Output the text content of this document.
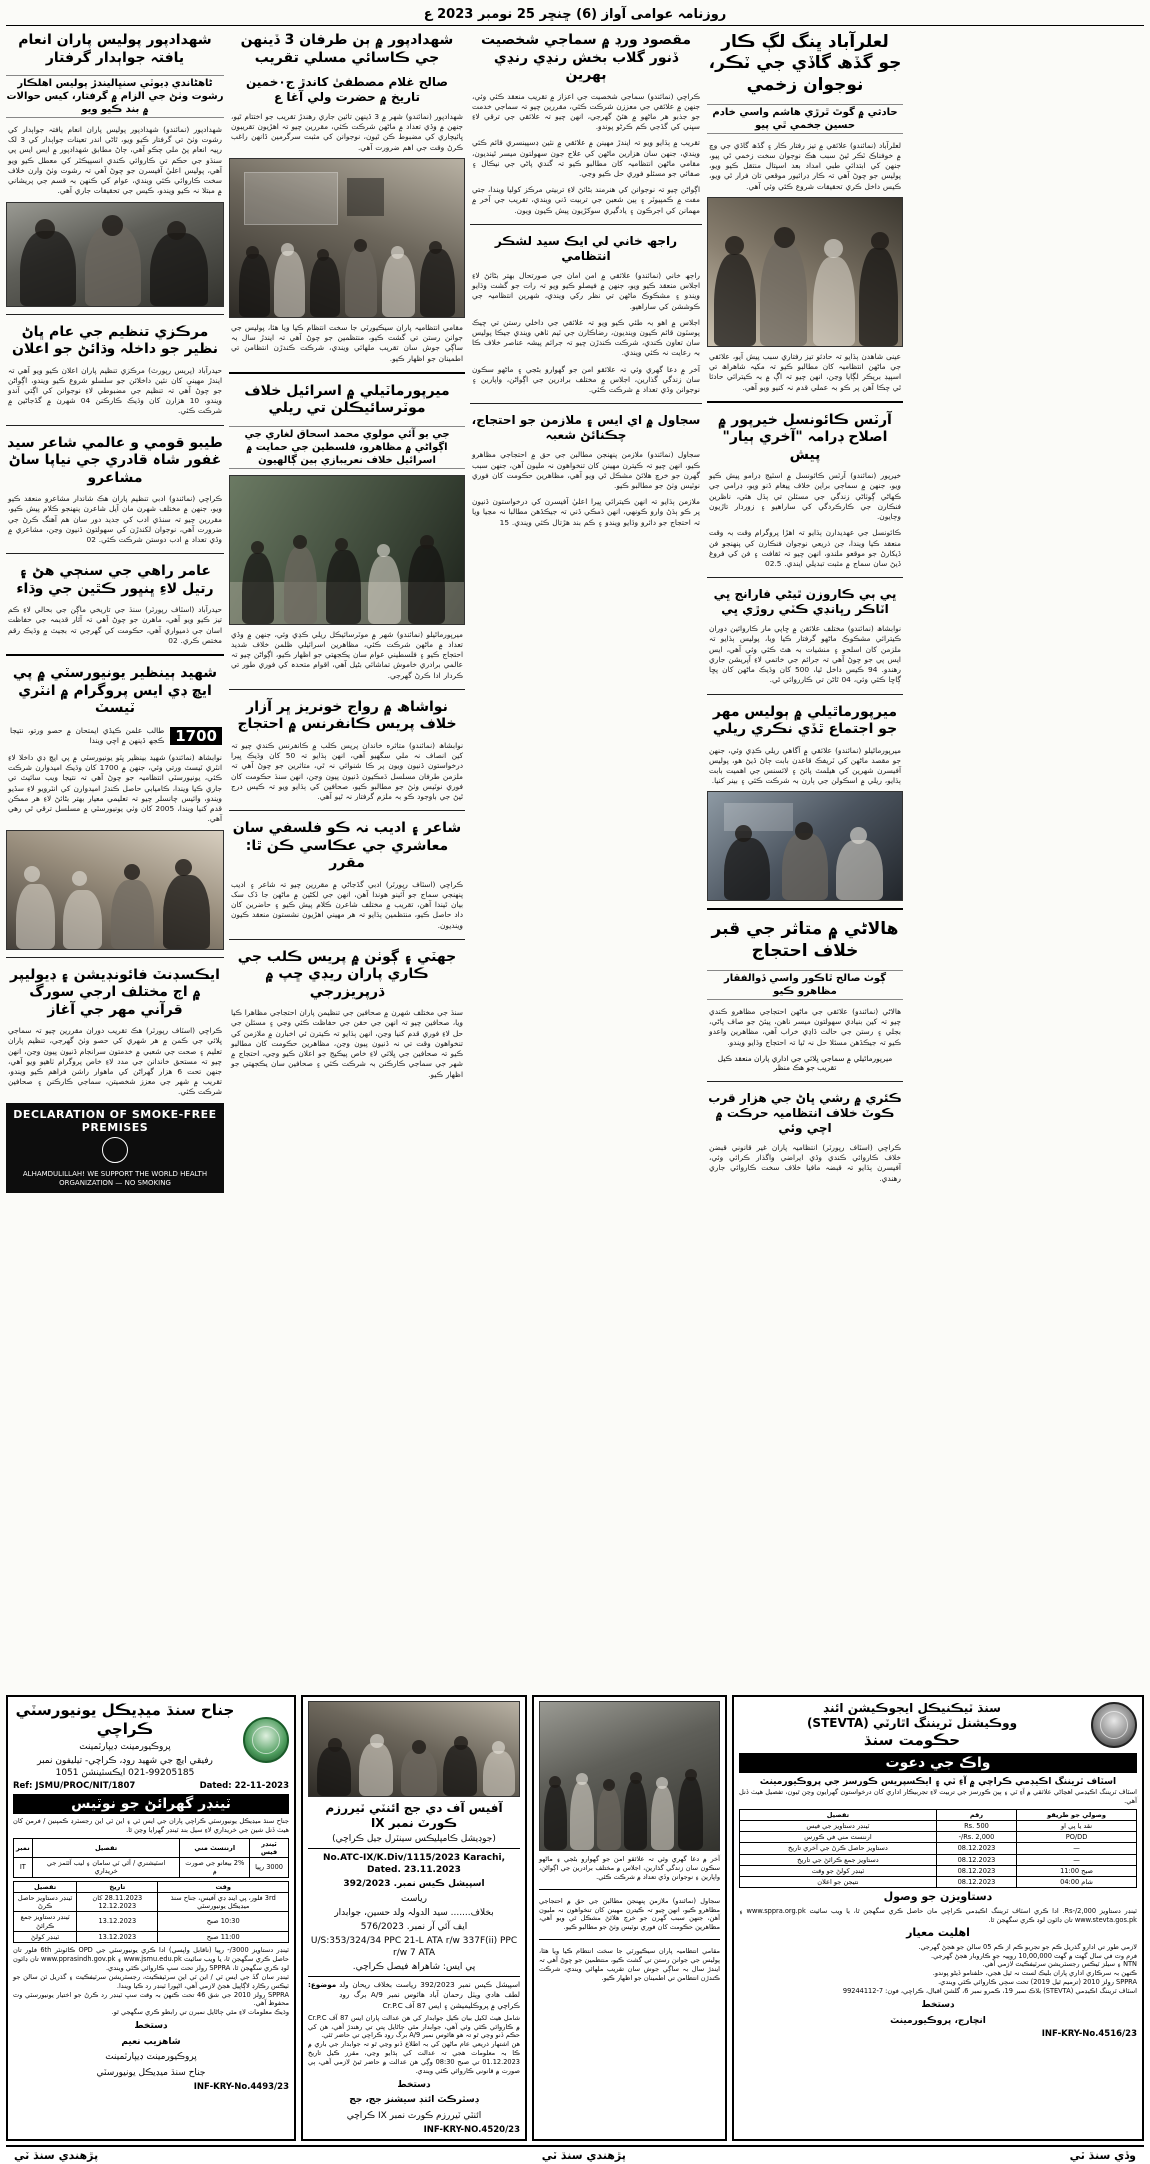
روزنامہ عوامی آواز (6) ڇنڇر 25 نومبر 2023 ع
شھدادپور پولیس پاران انعام یافتہ جواٻدار گرفتار
ٹاھڻاندي ڊيوٽي سنڀاليندڙ پوليس اھلڪار رشوت وٺڻ جي الزام ۾ گرفتار، کيس حوالات ۾ بند ڪيو ويو
شھدادپور (نمائندو) شھدادپور پوليس پاران انعام یافتہ جواٻدار کي رشوت وٺڻ تي گرفتار ڪيو ويو، ٿاڻي اندر تعینات جواٻدار کي 3 لک رپیہ انعام پڻ ملي چڪو آھي، ڄاڻ مطابق شھدادپور ۾ ايس ايس پي سنڌو جي حڪم تي ڪاروائي ڪندي انسپيڪٽر کي معطل ڪيو ويو آھي، پوليس اعليٰ آفيسرن جو چوڻ آھي تہ رشوت وٺڻ وارن خلاف سخت ڪاروائي ڪئي ويندي، عوام کي ڪنھن بہ قسم جي پريشاني ۾ مبتلا نہ ڪيو ويندو، ڪيس جي تحقيقات جاري آھي.
مرڪزي تنظيم جي عام ڀاڻ نظیر جو داخلہ وڌائڻ جو اعلان
حيدرآباد (پريس رپورٽ) مرڪزي تنظيم پاران اعلان ڪيو ويو آھي تہ ايندڙ مھيني کان نئين داخلائن جو سلسلو شروع ڪيو ويندو، اڳواڻن جو چوڻ آھي تہ تنظيم جي مضبوطي لاءِ نوجوانن کي اڳتي آندو ويندو، 10 ھزارن کان وڌيڪ ڪارڪنن 04 شھرن ۾ گڏجاڻين ۾ شرڪت ڪئي.
طيبو قومي و عالمي شاعر سيد غفور شاہ قادري جي نياپا ساڻ مشاعرو
ڪراچي (نمائندو) ادبي تنظيم پاران ھڪ شاندار مشاعرو منعقد ڪيو ويو، جنھن ۾ مختلف شھرن مان آيل شاعرن پنھنجو ڪلام پيش ڪيو، مقررين چيو تہ سنڌي ادب کي جديد دور سان ھم آھنگ ڪرڻ جي ضرورت آھي، نوجوان لکندڙن کي سھولتون ڏنيون وڃن، مشاعري ۾ وڏي تعداد ۾ ادب دوستن شرڪت ڪئي. 02
عامر راھي جي سنڄي ھڻ ۽ رتيل لاءِ ڀنڀور ڪٿين جي وڌاء
حيدرآباد (اسٽاف رپورٽر) سنڌ جي تاريخي ماڳن جي بحالي لاءِ ڪم تيز ڪيو ويو آھي، ماھرن جو چوڻ آھي تہ آثار قديمہ جي حفاظت اسان جي ذميواري آھي، حڪومت کي گھرجي تہ بجيٽ ۾ وڌيڪ رقم مختص ڪري. 02
شھید ٻينظير يونيورسٽي ۾ پي ايڇ ڊي ايس پروگرام ۾ انٽري ٽيسٽ
1700
طالب علمن ڪيڏي ايمتحان ۾ حصو ورتو، نتيجا ڪجھ ڏينھن ۾ اچي ويندا
نوابشاھ (نمائندو) شھيد بينظير ڀٽو يونيورسٽي ۾ پي ايڇ ڊي داخلا لاءِ انٽري ٽيسٽ ورتي وئي، جنھن ۾ 1700 کان وڌيڪ اميدوارن شرڪت ڪئي، يونيورسٽي انتظاميہ جو چوڻ آھي تہ نتيجا ويب سائيٽ تي جاري ڪيا ويندا، ڪاميابي حاصل ڪندڙ اميدوارن کي انٽرويو لاءِ سڏيو ويندو، وائيس چانسلر چيو تہ تعليمي معيار بھتر بڻائڻ لاءِ ھر ممڪن قدم کنيا ويندا، 2005 کان وٺي يونيورسٽي ۾ مسلسل ترقي ٿي رھي آھي.
ايڪسڊنٽ فائونڊيشن ۽ ڊيوليپر ۾ اڄ مختلف ارجي سورگ قرآني مھر جي آغاز
ڪراچي (اسٽاف رپورٽر) ھڪ تقريب دوران مقررين چيو تہ سماجي ڀلائي جي ڪمن ۾ ھر شھري کي حصو وٺڻ گھرجي، تنظيم پاران تعليم ۽ صحت جي شعبي ۾ خدمتون سرانجام ڏنيون پيون وڃن، انھن چيو تہ مستحق خاندانن جي مدد لاءِ خاص پروگرام ٺاھيو ويو آھي، جنھن تحت 6 ھزار گھراڻن کي ماھوار راشن فراھم ڪيو ويندو، تقريب ۾ شھر جي معزز شخصيتن، سماجي ڪارڪنن ۽ صحافين شرڪت ڪئي.
DECLARATION OF SMOKE-FREE PREMISES
ALHAMDULILLAH! WE SUPPORT THE WORLD HEALTH ORGANIZATION — NO SMOKING
شھدادپور ۾ ٻن طرفان 3 ڏينھن جي ڪاسائي مسلي تقریب
صالح غلام مصطفیٰ کاندڙ ج٠خمين تاريخ ۾ حضرت ولي آغا ع
شھدادپور (نمائندو) شھر ۾ 3 ڏينھن تائين جاري رھندڙ تقريب جو اختتام ٿيو، جنھن ۾ وڏي تعداد ۾ ماڻھن شرڪت ڪئي، مقررين چيو تہ اھڙيون تقريبون ڀائيچاري کي مضبوط ڪن ٿيون، نوجوانن کي مثبت سرگرمين ڏانھن راغب ڪرڻ وقت جي اھم ضرورت آھي.
مقامي انتظاميہ پاران سيڪيورٽي جا سخت انتظام ڪيا ويا ھئا، پوليس جي جوانن رستن تي گشت ڪيو، منتظمين جو چوڻ آھي تہ ايندڙ سال بہ ساڳي جوش سان تقريب ملھائي ويندي، شرڪت ڪندڙن انتظامن تي اطمينان جو اظھار ڪيو.
ميرپورماٽيلي ۾ اسرائيل خلاف موٽرسائيڪلن تي ريلي
جي يو آئي مولوي محمد اسحاق لغاري جي اڳواڻي ۾ مظاھرو، فلسطين جي حمايت ۾ اسرائيل خلاف نعريبازي ٻين ڳالھيون
ميرپورماٿيلو (نمائندو) شھر ۾ موٽرسائيڪل ريلي ڪڍي وئي، جنھن ۾ وڏي تعداد ۾ ماڻھن شرڪت ڪئي، مظاھرين اسرائيلي ظلمن خلاف شديد احتجاج ڪيو ۽ فلسطيني عوام سان يڪجھتي جو اظھار ڪيو، اڳواڻن چيو تہ عالمي برادري خاموش تماشائي بڻيل آھي، اقوام متحدہ کي فوري طور تي ڪردار ادا ڪرڻ گھرجي.
نواشاھ ۾ رواج خونريز ڀر آزار خلاف پريس ڪانفرنس ۾ احتجاج
نوابشاھ (نمائندو) متاثره خاندان پريس ڪلب ۾ ڪانفرنس ڪندي چيو تہ کين انصاف نہ ملي سگھيو آھي، انھن ٻڌايو تہ 50 کان وڌيڪ ڀيرا درخواستون ڏنيون ويون پر ڪا شنوائي نہ ٿي، متاثرين جو چوڻ آھي تہ ملزمن طرفان مسلسل ڌمڪيون ڏنيون پيون وڃن، انھن سنڌ حڪومت کان فوري نوٽيس وٺڻ جو مطالبو ڪيو، صحافين کي ٻڌايو ويو تہ ڪيس درج ٿيڻ جي باوجود ڪو بہ ملزم گرفتار نہ ٿيو آھي.
شاعر ۽ اديب نہ ڪو فلسفي سان معاشري جي عڪاسي ڪن ٿا: مقرر
ڪراچي (اسٽاف رپورٽر) ادبي گڏجاڻي ۾ مقررين چيو تہ شاعر ۽ اديب پنھنجي سماج جو آئينو ھوندا آھن، انھن جي لکڻين ۾ ماڻھن جا ڏک سک بيان ٿيندا آھن، تقريب ۾ مختلف شاعرن ڪلام پيش ڪيو ۽ حاضرين کان داد حاصل ڪيو، منتظمين ٻڌايو تہ ھر مھيني اھڙيون نشستون منعقد ڪيون وينديون.
جھٽي ۽ ڳوٺن ۾ پريس ڪلب جي ڪاري پاران ريڊي ڇپ ۾ ڌرپريزرجي
سنڌ جي مختلف شھرن ۾ صحافين جي تنظيمن پاران احتجاجي مظاھرا ڪيا ويا، صحافين چيو تہ انھن جي حقن جي حفاظت ڪئي وڃي ۽ مسئلن جي حل لاءِ فوري قدم کنيا وڃن، انھن ٻڌايو تہ ڪيترن ئي اخبارن ۾ ملازمن کي تنخواھون وقت تي نہ ڏنيون پيون وڃن، مظاھرين حڪومت کان مطالبو ڪيو تہ صحافين جي ڀلائي لاءِ خاص پيڪيج جو اعلان ڪيو وڃي، احتجاج ۾ شھر جي سماجي ڪارڪنن بہ شرڪت ڪئي ۽ صحافين سان يڪجھتي جو اظھار ڪيو.
مقصود ورڊ ۾ سماجي شخصيت ڏنور گلاب بخش رنڍي رنڍي ٻھرين
ڪراچي (نمائندو) سماجي شخصيت جي اعزاز ۾ تقريب منعقد ڪئي وئي، جنھن ۾ علائقي جي معززن شرڪت ڪئي، مقررين چيو تہ سماجي خدمت جو جذبو ھر ماڻھو ۾ ھئڻ گھرجي، انھن چيو تہ علائقي جي ترقي لاءِ سڀني کي گڏجي ڪم ڪرڻو پوندو.
تقريب ۾ ٻڌايو ويو تہ ايندڙ مھينن ۾ علائقي ۾ نئين ڊسپينسري قائم ڪئي ويندي، جنھن سان ھزارين ماڻھن کي علاج جون سھولتون ميسر ٿينديون، مقامي ماڻھن انتظاميہ کان مطالبو ڪيو تہ گندي پاڻي جي نيڪال ۽ صفائي جو مسئلو فوري حل ڪيو وڃي.
اڳواڻن چيو تہ نوجوانن کي ھنرمند بڻائڻ لاءِ تربيتي مرڪز کوليا ويندا، جتي مفت ۾ ڪمپيوٽر ۽ ٻين شعبن جي تربيت ڏني ويندي، تقريب جي آخر ۾ مھمانن کي اجرڪون ۽ يادگيري سوکڙيون پيش ڪيون ويون.
راجھ خاني لي ايڪ سيد لشڪر انتظامي
راجھ خاني (نمائندو) علائقي ۾ امن امان جي صورتحال بھتر بڻائڻ لاءِ اجلاس منعقد ڪيو ويو، جنھن ۾ فيصلو ڪيو ويو تہ رات جو گشت وڌايو ويندو ۽ مشڪوڪ ماڻھن تي نظر رکي ويندي، شھرين انتظاميہ جي ڪوششن کي ساراھيو.
اجلاس ۾ اھو بہ طئي ڪيو ويو تہ علائقي جي داخلي رستن تي چيڪ پوسٽون قائم ڪيون وينديون، رضاڪارن جي ٽيم ٺاھي ويندي جيڪا پوليس سان تعاون ڪندي، شرڪت ڪندڙن چيو تہ جرائم پيشہ عناصر خلاف ڪا بہ رعايت نہ ڪئي ويندي.
آخر ۾ دعا گھري وئي تہ علائقو امن جو گھوارو بڻجي ۽ ماڻھو سڪون سان زندگي گذارين، اجلاس ۾ مختلف برادرين جي اڳواڻن، واپارين ۽ نوجوانن وڏي تعداد ۾ شرڪت ڪئي.
سجاول ۾ اي ايس ۽ ملازمن جو احتجاج، چڪنائڻ شعبہ
سجاول (نمائندو) ملازمن پنھنجن مطالبن جي حق ۾ احتجاجي مظاھرو ڪيو، انھن چيو تہ ڪيترن مھينن کان تنخواھون نہ مليون آھن، جنھن سبب گھرن جو خرچ ھلائڻ مشڪل ٿي ويو آھي، مظاھرين حڪومت کان فوري نوٽيس وٺڻ جو مطالبو ڪيو.
ملازمن ٻڌايو تہ انھن ڪيترائي ڀيرا اعليٰ آفيسرن کي درخواستون ڏنيون پر ڪو ٻڌڻ وارو ڪونھي، انھن ڌمڪي ڏني تہ جيڪڏھن مطالبا نہ مڃيا ويا تہ احتجاج جو دائرو وڌايو ويندو ۽ ڪم بند ھڙتال ڪئي ويندي. 15
لعلرآباد ڀنگ لڳ ڪار جو گڏھ گاڏي جي ٽڪر، نوجوان زخمي
حادثي ۾ گوٿ ٿرڙي ھاشم واسي خادم حسين جخمي ٿي پيو
لعلرآباد (نمائندو) علائقي ۾ تيز رفتار ڪار ۽ گڏھ گاڏي جي وچ ۾ خوفناڪ ٽڪر ٿيڻ سبب ھڪ نوجوان سخت زخمي ٿي پيو، جنھن کي ابتدائي طبي امداد بعد اسپتال منتقل ڪيو ويو، پوليس جو چوڻ آھي تہ ڪار ڊرائيور موقعي تان فرار ٿي ويو، ڪيس داخل ڪري تحقيقات شروع ڪئي وئي آھي.
عينی شاھدن ٻڌايو تہ حادثو تيز رفتاري سبب پيش آيو، علائقي جي ماڻھن انتظاميہ کان مطالبو ڪيو تہ مکيہ شاھراھ تي اسپيڊ بريڪر لڳايا وڃن، انھن چيو تہ اڳ ۾ بہ ڪيترائي حادثا ٿي چڪا آھن پر ڪو بہ عملي قدم نہ کنيو ويو آھي.
آرٽس ڪائونسل خيرپور ۾ اصلاح ڊرامہ "آخري ٻيار" پيش
خيرپور (نمائندو) آرٽس ڪائونسل ۾ اسٽيج ڊرامو پيش ڪيو ويو، جنھن ۾ سماجي براين خلاف پيغام ڏنو ويو، ڊرامي جي ڪھاڻي ڳوٺاڻي زندگي جي مسئلن تي ٻڌل ھئي، ناظرين فنڪارن جي ڪارڪردگي کي ساراھيو ۽ زوردار تاڙيون وڄايون.
ڪائونسل جي عھديدارن ٻڌايو تہ اھڙا پروگرام وقت بہ وقت منعقد ڪيا ويندا، جن ذريعي نوجوان فنڪارن کي پنھنجو فن ڏيکارڻ جو موقعو ملندو، انھن چيو تہ ثقافت ۽ فن کي فروغ ڏيڻ سان سماج ۾ مثبت تبديلي ايندي. 02.5
ڀي ٻي ڪاروزن ٿيڻي فارانج ڀي اٽاڪر رڀانڊي ڪٽي روڙي ڀي
نوابشاھ (نمائندو) مختلف علائقن ۾ ڇاپي مار ڪاروائين دوران ڪيترائي مشڪوڪ ماڻھو گرفتار ڪيا ويا، پوليس ٻڌايو تہ ملزمن کان اسلحو ۽ منشيات بہ ھٿ ڪئي وئي آھي، ايس ايس پي جو چوڻ آھي تہ جرائم جي خاتمي لاءِ آپريشن جاري رھندو. 94 ڪيس داخل ٿيا، 500 کان وڌيڪ ماڻھن کان پڇا ڳاڇا ڪئي وئي، 04 ٿاڻن تي ڪارروائي ٿي.
ميرپورماٿيلي ۾ ٻولیس مھر جو اجتماع ٿڏي نڪري ريلي
ميرپورماٿيلو (نمائندو) علائقي ۾ آگاھي ريلي ڪڍي وئي، جنھن جو مقصد ماڻھن کي ٽريفڪ قاعدن بابت ڄاڻ ڏيڻ ھو، پوليس آفيسرن شھرين کي ھيلمٽ پائڻ ۽ لائسنس جي اھميت بابت ٻڌايو، ريلي ۾ اسڪولن جي ٻارن بہ شرڪت ڪئي ۽ بينر کنيا.
ھالاڻي ۾ متاثر جي قبر خلاف احتجاج
ڳوٺ صالح ٿاڪور واسي ڏوالفقار مظاھرو ڪيو
ھالاڻي (نمائندو) علائقي جي ماڻھن احتجاجي مظاھرو ڪندي چيو تہ کين بنيادي سھولتون ميسر ناھن، پيئڻ جو صاف پاڻي، بجلي ۽ رستن جي حالت ڏاڍي خراب آھي، مظاھرين واعدو ڪيو تہ جيڪڏھن مسئلا حل نہ ٿيا تہ احتجاج وڌايو ويندو.
ميرپورماٿيلي ۾ سماجي ڀلائي جي اداري پاران منعقد ڪيل تقريب جو ھڪ منظر
ڪئري ۾ رشي ڀاڻ جي ھزار قرب ڪوٽ خلاف انتظاميہ حرڪت ۾ اچي وئي
ڪراچي (اسٽاف رپورٽر) انتظاميہ پاران غير قانوني قبضن خلاف ڪاروائي ڪندي وڏي ايراضي واگذار ڪرائي وئي، آفيسرن ٻڌايو تہ قبضہ مافيا خلاف سخت ڪاروائي جاري رھندي.
جناح سنڌ ميڊيڪل يونيورسٽي ڪراچي
پروڪيورمينٽ ڊيپارٽمينٽ
رفيقي ايڇ جي شھيد روڊ، ڪراچي- تيليفون نمبر 99205185-021 ايڪسٽينشن 1051
Ref: JSMU/PROC/NIT/1807	Dated: 22-11-2023
ٽينڊر گھرائڻ جو نوٽيس
جناح سنڌ ميڊيڪل يونيورسٽي ڪراچي پاران جي ايس ٽي ۽ اين ٽي اين رجسٽرڊ ڪمپنين / فرمن کان ھيٺ ڏنل شين جي خريداري لاءِ سيل بند ٽينڊر گھرايا وڃن ٿا.
ٽينڊر فيس	ارننسٽ مني	تفصيل	نمبر
3000 رپيا	2% بيعانو جي صورت ۾	اسٽيشنري / آئي ٽي سامان ۽ ليب آئٽمز جي خريداري	IT
وقت	تاريخ	تفصيل
3rd فلور، پي اينڊ ڊي آفيس، جناح سنڌ ميڊيڪل يونيورسٽي	28.11.2023 کان 12.12.2023	ٽينڊر دستاويز حاصل ڪرڻ
10:30 صبح	13.12.2023	ٽينڊر دستاويز جمع ڪرائڻ
11:00 صبح	13.12.2023	ٽينڊر کولڻ
ٽينڊر دستاويز 3000/- رپيا (ناقابل واپسي) ادا ڪري يونيورسٽي جي OPD ڪائونٽر 6th فلور تان حاصل ڪري سگھجن ٿا، يا ويب سائيٽ www.jsmu.edu.pk ۽ www.pprasindh.gov.pk تان ڊائون لوڊ ڪري سگھجن ٿا، SPPRA رولز تحت سڀ ڪاروائي ڪئي ويندي.
ٽينڊر سان گڏ جي ايس ٽي / اين ٽي اين سرٽيفڪيٽ، رجسٽريشن سرٽيفڪيٽ ۽ گذريل ٽن سالن جو ٽيڪس رڪارڊ لاڳاپيل ھجڻ لازمي آھي، اڻپورا ٽينڊر رد ڪيا ويندا.
SPPRA رولز 2010 جي شق 46 تحت ڪنھن بہ وقت سڀ ٽينڊر رد ڪرڻ جو اختيار يونيورسٽي وٽ محفوظ آھي.
وڌيڪ معلومات لاءِ مٿي ڄاڻايل نمبرن تي رابطو ڪري سگھجي ٿو.
دستخط
شاھزيب نعيم
پروڪيورمينٽ ڊيپارٽمينٽ
جناح سنڌ ميڊيڪل يونيورسٽي
INF-KRY-No.4493/23
آفيس آف دي جج ائنٽي ٽيررزم ڪورٽ نمبر IX
(جوڊيشل ڪامپليڪس سينٽرل جيل ڪراچي)
No.ATC-IX/K.Div/1115/2023 Karachi, Dated. 23.11.2023
اسپيشل ڪيس نمبر. 392/2023
رياست
بخلاف....... سيد الدولہ ولد حسين، جوابدار
ايف آئي آر نمبر. 576/2023
U/S:353/324/34 PPC 21-L ATA r/w 337F(ii) PPC r/w 7 ATA
پي ايس: شاھراھ فيصل ڪراچي.
موضوع: اسپيشل ڪيس نمبر 392/2023 رياست بخلاف ريحان ولد لطف ھادي ويٺل رحمان آباد ھائوس نمبر A/9 برگ روڊ ڪراچي ۾ پروڪليميشن ۽ ايس 87 آف Cr.P.C
شامل ھيٺ لکيل بيان ڪيل جوابدار کي ھن عدالت پاران ايس 87 آف Cr.P.C ۾ ڪاروائي ڪئي وئي آھي، جوابدار مٿي ڄاڻايل پتي تي رھندڙ آھي، ھن کي حڪم ڏنو وڃي ٿو تہ ھو ھائوس نمبر A/9 برگ روڊ ڪراچي تي حاضر ٿئي.
ھن اشتھار ذريعي عام ماڻھن کي بہ اطلاع ڏنو وڃي ٿو تہ جوابدار جي باري ۾ ڪا بہ معلومات ھجي تہ عدالت کي ٻڌايو وڃي، مقرر ڪيل تاريخ 01.12.2023 تي صبح 08:30 وڳي ھن عدالت ۾ حاضر ٿيڻ لازمي آھي، ٻي صورت ۾ قانوني ڪاروائي ڪئي ويندي.
دستخط
ڊسٽرڪٽ ائنڊ سيشنز جج، جج
ائنٽي ٽيررزم ڪورٽ نمبر IX ڪراچي
INF-KRY-NO.4520/23
آخر ۾ دعا گھري وئي تہ علائقو امن جو گھوارو بڻجي ۽ ماڻھو سڪون سان زندگي گذارين، اجلاس ۾ مختلف برادرين جي اڳواڻن، واپارين ۽ نوجوانن وڏي تعداد ۾ شرڪت ڪئي.
سجاول (نمائندو) ملازمن پنھنجن مطالبن جي حق ۾ احتجاجي مظاھرو ڪيو، انھن چيو تہ ڪيترن مھينن کان تنخواھون نہ مليون آھن، جنھن سبب گھرن جو خرچ ھلائڻ مشڪل ٿي ويو آھي، مظاھرين حڪومت کان فوري نوٽيس وٺڻ جو مطالبو ڪيو.
مقامي انتظاميہ پاران سيڪيورٽي جا سخت انتظام ڪيا ويا ھئا، پوليس جي جوانن رستن تي گشت ڪيو، منتظمين جو چوڻ آھي تہ ايندڙ سال بہ ساڳي جوش سان تقريب ملھائي ويندي، شرڪت ڪندڙن انتظامن تي اطمينان جو اظھار ڪيو.
سنڌ ٽيڪنيڪل ايجوڪيشن ائنڊ
ووڪيشنل ٽريننگ اٿارٽي (STEVTA)
حڪومت سنڌ
واڪ جي دعوت
اسٽاف ٽريننگ اڪيڊمي ڪراچي ۾ آءِ ٽي ۽ ايڪسپريس ڪورسز جي پروڪيورمينٽ
اسٽاف ٽريننگ اڪيڊمي اھڃاڻي علائقي ۾ آءِ ٽي ۽ ٻين ڪورسز جي تربيت لاءِ تجربيڪار اداري کان درخواستون گھرايون وڃن ٿيون، تفصيل ھيٺ ڏنل آھي.
وصولي جو طريقو	رقم	تفصيل
نقد يا پي او	Rs. 500	ٽينڊر دستاويز جي فيس
PO/DD	Rs. 2,000/-	ارننسٽ مني في ڪورس
—	08.12.2023	دستاويز حاصل ڪرڻ جي آخري تاريخ
—	08.12.2023	دستاويز جمع ڪرائڻ جي تاريخ
صبح 11:00	08.12.2023	ٽينڊر کولڻ جو وقت
شام 04:00	08.12.2023	نتيجن جو اعلان
دستاويزن جو وصول
ٽينڊر دستاويز 2,000/-Rs. ادا ڪري اسٽاف ٽريننگ اڪيڊمي ڪراچي مان حاصل ڪري سگھجن ٿا، يا ويب سائيٽ www.sppra.org.pk ۽ www.stevta.gos.pk تان ڊائون لوڊ ڪري سگھجن ٿا.
اھليت معيار
لازمي طور تي ادارو گذريل ڪم جو تجربو ڪم از ڪم 05 سالن جو ھجڻ گھرجي.
فرم وٽ في سال گھٽ ۾ گھٽ 10,00,000 روپيہ جو ڪاروبار ھجڻ گھرجي.
NTN ۽ سيلز ٽيڪس رجسٽريشن سرٽيفڪيٽ لازمي آھي.
ڪنھن بہ سرڪاري اداري پاران بليڪ لسٽ نہ ٿيل ھجي، حلفنامو ڏيڻو پوندو.
SPPRA رولز 2010 (ترميم ٿيل 2019) تحت سڄي ڪاروائي ڪئي ويندي.
اسٽاف ٽريننگ اڪيڊمي (STEVTA) بلاڪ نمبر 19، ڪمرو نمبر 6، گلشن اقبال، ڪراچي، فون: 7-99244112
دستخط
انچارج، پروڪيورمينٽ
INF-KRY-No.4516/23
پڙھندي سنڌ ٽي	پڙھندي سنڌ ٽي	وڏي سنڌ ٽي
